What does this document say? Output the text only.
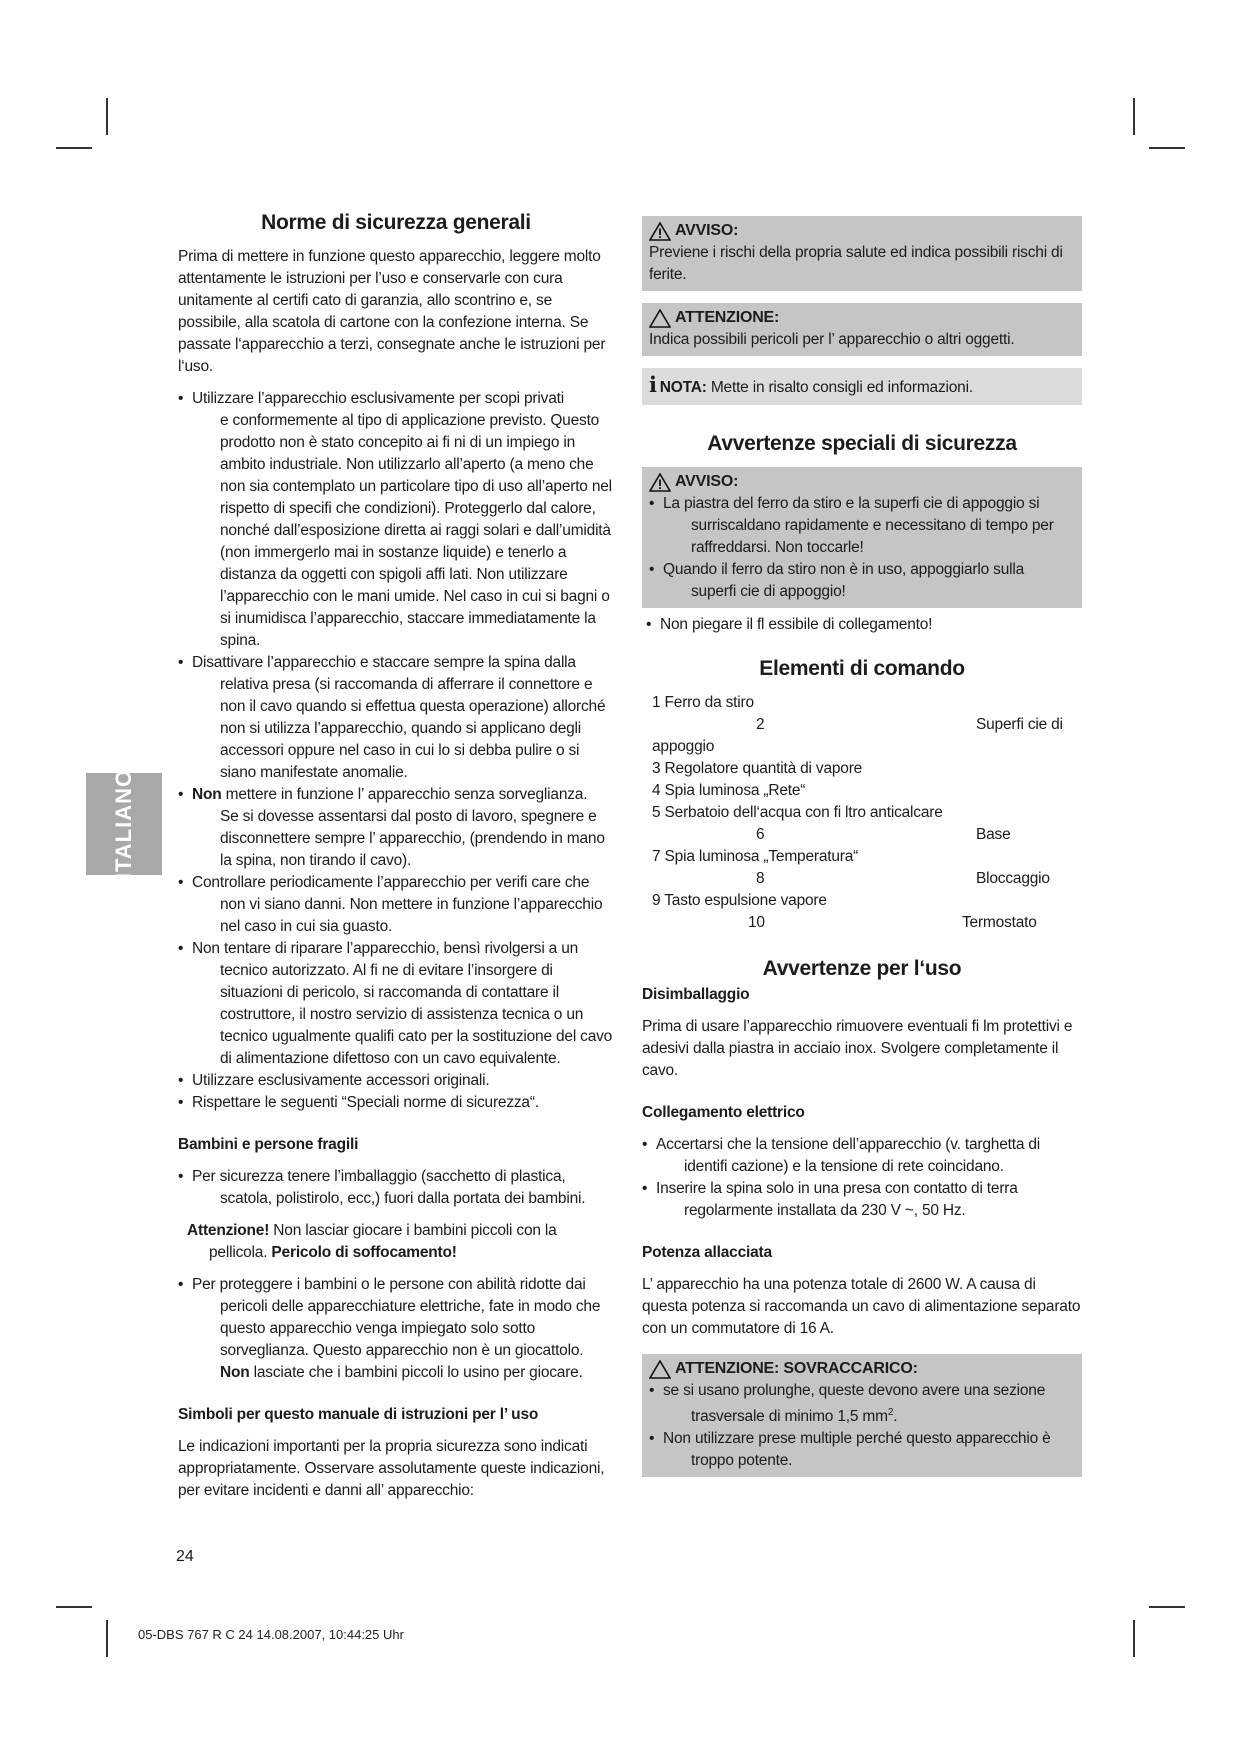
ITALIANO
Norme di sicurezza generali

Prima di mettere in funzione questo apparecchio, leggere molto attentamente le istruzioni per l’uso e conservarle con cura unitamente al certifi cato di garanzia, allo scontrino e, se possibile, alla scatola di cartone con la confezione interna. Se passate l‘apparecchio a terzi, consegnate anche le istruzioni per l‘uso.

• Utilizzare l’apparecchio esclusivamente per scopi privati
e conformemente al tipo di applicazione previsto. Questo prodotto non è stato concepito ai fi ni di un impiego in ambito industriale. Non utilizzarlo all’aperto (a meno che non sia contemplato un particolare tipo di uso all’aperto nel rispetto di specifi che condizioni). Proteggerlo dal calore, nonché dall’esposizione diretta ai raggi solari e dall’umidità (non immergerlo mai in sostanze liquide) e tenerlo a distanza da oggetti con spigoli affi lati. Non utilizzare l’apparecchio con le mani umide. Nel caso in cui si bagni o si inumidisca l’apparecchio, staccare immediatamente la spina.
• Disattivare l’apparecchio e staccare sempre la spina dalla
relativa presa (si raccomanda di afferrare il connettore e non il cavo quando si effettua questa operazione) allorché non si utilizza l’apparecchio, quando si applicano degli accessori oppure nel caso in cui lo si debba pulire o si siano manifestate anomalie.
• Non mettere in funzione l’ apparecchio senza sorveglianza.
Se si dovesse assentarsi dal posto di lavoro, spegnere e disconnettere sempre l’ apparecchio, (prendendo in mano la spina, non tirando il cavo).
• Controllare periodicamente l’apparecchio per verifi care che
non vi siano danni. Non mettere in funzione l’apparecchio nel caso in cui sia guasto.
• Non tentare di riparare l’apparecchio, bensì rivolgersi a un
tecnico autorizzato. Al fi ne di evitare l’insorgere di situazioni di pericolo, si raccomanda di contattare il costruttore, il nostro servizio di assistenza tecnica o un tecnico ugualmente qualifi cato per la sostituzione del cavo di alimentazione difettoso con un cavo equivalente.
• Utilizzare esclusivamente accessori originali.
• Rispettare le seguenti “Speciali norme di sicurezza“.
Bambini e persone fragili
• Per sicurezza tenere l’imballaggio (sacchetto di plastica,
scatola, polistirolo, ecc,) fuori dalla portata dei bambini.
Attenzione! Non lasciar giocare i bambini piccoli con la
pellicola. Pericolo di soffocamento!
• Per proteggere i bambini o le persone con abilità ridotte dai
pericoli delle apparecchiature elettriche, fate in modo che questo apparecchio venga impiegato solo sotto sorveglianza. Questo apparecchio non è un giocattolo. Non lasciate che i bambini piccoli lo usino per giocare.
Simboli per questo manuale di istruzioni per l’ uso

Le indicazioni importanti per la propria sicurezza sono indicati appropriatamente. Osservare assolutamente queste indicazioni, per evitare incidenti e danni all’ apparecchio:

AVVISO:

Previene i rischi della propria salute ed indica possibili rischi di ferite.

ATTENZIONE:

Indica possibili pericoli per l’ apparecchio o altri oggetti.

i NOTA: Mette in risalto consigli ed informazioni.
Avvertenze speciali di sicurezza
AVVISO:
• La piastra del ferro da stiro e la superfi cie di appoggio si
surriscaldano rapidamente e necessitano di tempo per raffreddarsi. Non toccarle!
• Quando il ferro da stiro non è in uso, appoggiarlo sulla
superfi cie di appoggio!
• Non piegare il fl essibile di collegamento!
Elementi di comando
1 Ferro da stiro
2	Superfi cie di appoggio
3 Regolatore quantità di vapore
4 Spia luminosa „Rete“
5 Serbatoio dell‘acqua con fi ltro anticalcare
6	Base
7 Spia luminosa „Temperatura“
8	Bloccaggio
9 Tasto espulsione vapore
10	Termostato
Avvertenze per l‘uso
Disimballaggio

Prima di usare l’apparecchio rimuovere eventuali fi lm protettivi e adesivi dalla piastra in acciaio inox. Svolgere completamente il cavo.

Collegamento elettrico
• Accertarsi che la tensione dell’apparecchio (v. targhetta di
identifi cazione) e la tensione di rete coincidano.
• Inserire la spina solo in una presa con contatto di terra
regolarmente installata da 230 V ~, 50 Hz.
Potenza allacciata

L’ apparecchio ha una potenza totale di 2600 W. A causa di questa potenza si raccomanda un cavo di alimentazione separato con un commutatore di 16 A.

ATTENZIONE: SOVRACCARICO:
• se si usano prolunghe, queste devono avere una sezione
trasversale di minimo 1,5 $mm^2$.
• Non utilizzare prese multiple perché questo apparecchio è
troppo potente.
24
05-DBS 767 R C 24 14.08.2007, 10:44:25 Uhr
